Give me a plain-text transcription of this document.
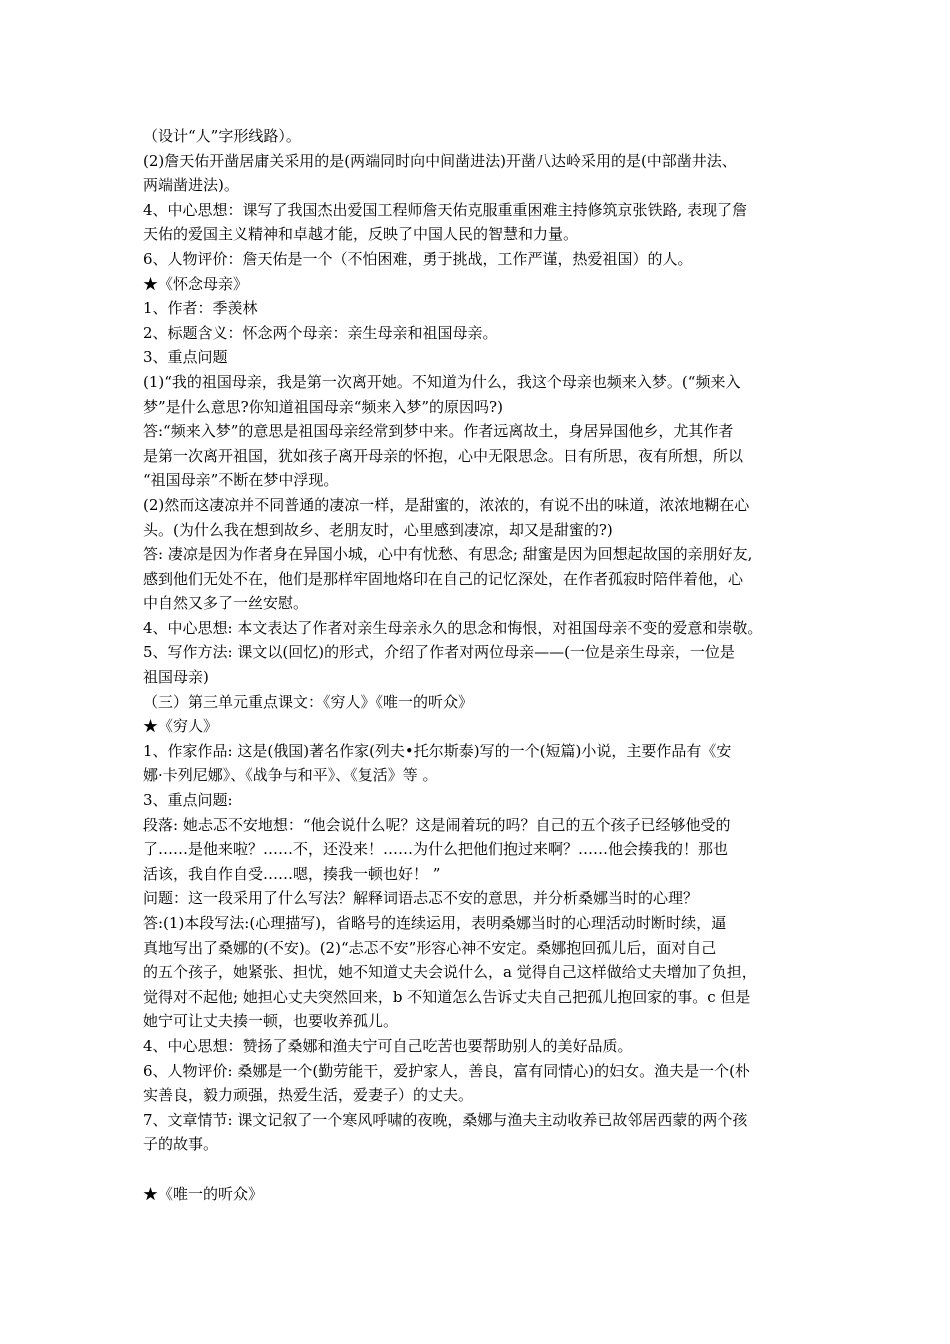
（设计“人”字形线路）。
(2)詹天佑开凿居庸关采用的是(两端同时向中间凿进法)开凿八达岭采用的是(中部凿井法、
两端凿进法)。
4、中心思想：课写了我国杰出爱国工程师詹天佑克服重重困难主持修筑京张铁路, 表现了詹
天佑的爱国主义精神和卓越才能，反映了中国人民的智慧和力量。
6、人物评价：詹天佑是一个（不怕困难，勇于挑战，工作严谨，热爱祖国）的人。
★《怀念母亲》
1、作者：季羡林
2、标题含义：怀念两个母亲：亲生母亲和祖国母亲。
3、重点问题
(1)“我的祖国母亲，我是第一次离开她。不知道为什么，我这个母亲也频来入梦。(“频来入
梦”是什么意思?你知道祖国母亲“频来入梦”的原因吗?)
答:“频来入梦”的意思是祖国母亲经常到梦中来。作者远离故土，身居异国他乡，尤其作者
是第一次离开祖国，犹如孩子离开母亲的怀抱，心中无限思念。日有所思，夜有所想，所以
“祖国母亲”不断在梦中浮现。
(2)然而这凄凉并不同普通的凄凉一样，是甜蜜的，浓浓的，有说不出的味道，浓浓地糊在心
头。(为什么我在想到故乡、老朋友时，心里感到凄凉，却又是甜蜜的?)
答: 凄凉是因为作者身在异国小城，心中有忧愁、有思念; 甜蜜是因为回想起故国的亲朋好友,
感到他们无处不在，他们是那样牢固地烙印在自己的记忆深处，在作者孤寂时陪伴着他，心
中自然又多了一丝安慰。
4、中心思想: 本文表达了作者对亲生母亲永久的思念和悔恨，对祖国母亲不变的爱意和崇敬。
5、写作方法: 课文以(回忆)的形式，介绍了作者对两位母亲——(一位是亲生母亲，一位是
祖国母亲)
（三）第三单元重点课文：《穷人》《唯一的听众》
★《穷人》
1、作家作品: 这是(俄国)著名作家(列夫•托尔斯泰)写的一个(短篇)小说，主要作品有《安
娜·卡列尼娜》、《战争与和平》、《复活》等 。
3、重点问题:
段落: 她忐忑不安地想：“他会说什么呢？这是闹着玩的吗？自己的五个孩子已经够他受的
了……是他来啦？……不，还没来！……为什么把他们抱过来啊？……他会揍我的！那也
活该，我自作自受……嗯，揍我一顿也好！ ”
问题：这一段采用了什么写法？解释词语忐忑不安的意思，并分析桑娜当时的心理？
答:(1)本段写法:(心理描写)，省略号的连续运用，表明桑娜当时的心理活动时断时续，逼
真地写出了桑娜的(不安)。(2)“忐忑不安”形容心神不安定。桑娜抱回孤儿后，面对自己
的五个孩子，她紧张、担忧，她不知道丈夫会说什么，a 觉得自己这样做给丈夫增加了负担，
觉得对不起他; 她担心丈夫突然回来，b 不知道怎么告诉丈夫自己把孤儿抱回家的事。c 但是
她宁可让丈夫揍一顿，也要收养孤儿。
4、中心思想：赞扬了桑娜和渔夫宁可自己吃苦也要帮助别人的美好品质。
6、人物评价: 桑娜是一个(勤劳能干，爱护家人，善良，富有同情心)的妇女。渔夫是一个(朴
实善良，毅力顽强，热爱生活，爱妻子）的丈夫。
7、文章情节: 课文记叙了一个寒风呼啸的夜晚，桑娜与渔夫主动收养已故邻居西蒙的两个孩
子的故事。
★《唯一的听众》
